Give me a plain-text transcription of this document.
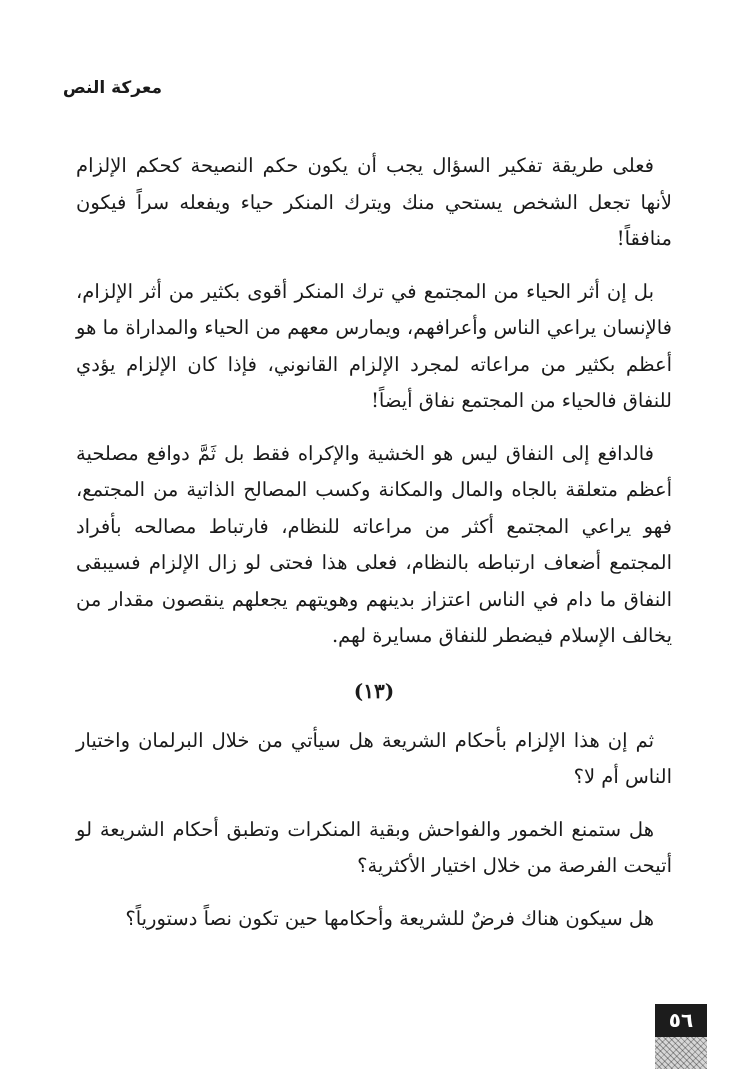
معركة النص

فعلى طريقة تفكير السؤال يجب أن يكون حكم النصيحة كحكم الإلزام لأنها تجعل الشخص يستحي منك ويترك المنكر حياء ويفعله سراً فيكون منافقاً!

بل إن أثر الحياء من المجتمع في ترك المنكر أقوى بكثير من أثر الإلزام، فالإنسان يراعي الناس وأعرافهم، ويمارس معهم من الحياء والمداراة ما هو أعظم بكثير من مراعاته لمجرد الإلزام القانوني، فإذا كان الإلزام يؤدي للنفاق فالحياء من المجتمع نفاق أيضاً!

فالدافع إلى النفاق ليس هو الخشية والإكراه فقط بل ثَمَّ دوافع مصلحية أعظم متعلقة بالجاه والمال والمكانة وكسب المصالح الذاتية من المجتمع، فهو يراعي المجتمع أكثر من مراعاته للنظام، فارتباط مصالحه بأفراد المجتمع أضعاف ارتباطه بالنظام، فعلى هذا فحتى لو زال الإلزام فسيبقى النفاق ما دام في الناس اعتزاز بدينهم وهويتهم يجعلهم ينقصون مقدار من يخالف الإسلام فيضطر للنفاق مسايرة لهم.

(١٣)

ثم إن هذا الإلزام بأحكام الشريعة هل سيأتي من خلال البرلمان واختيار الناس أم لا؟

هل ستمنع الخمور والفواحش وبقية المنكرات وتطبق أحكام الشريعة لو أتيحت الفرصة من خلال اختيار الأكثرية؟

هل سيكون هناك فرضٌ للشريعة وأحكامها حين تكون نصاً دستورياً؟

٥٦
